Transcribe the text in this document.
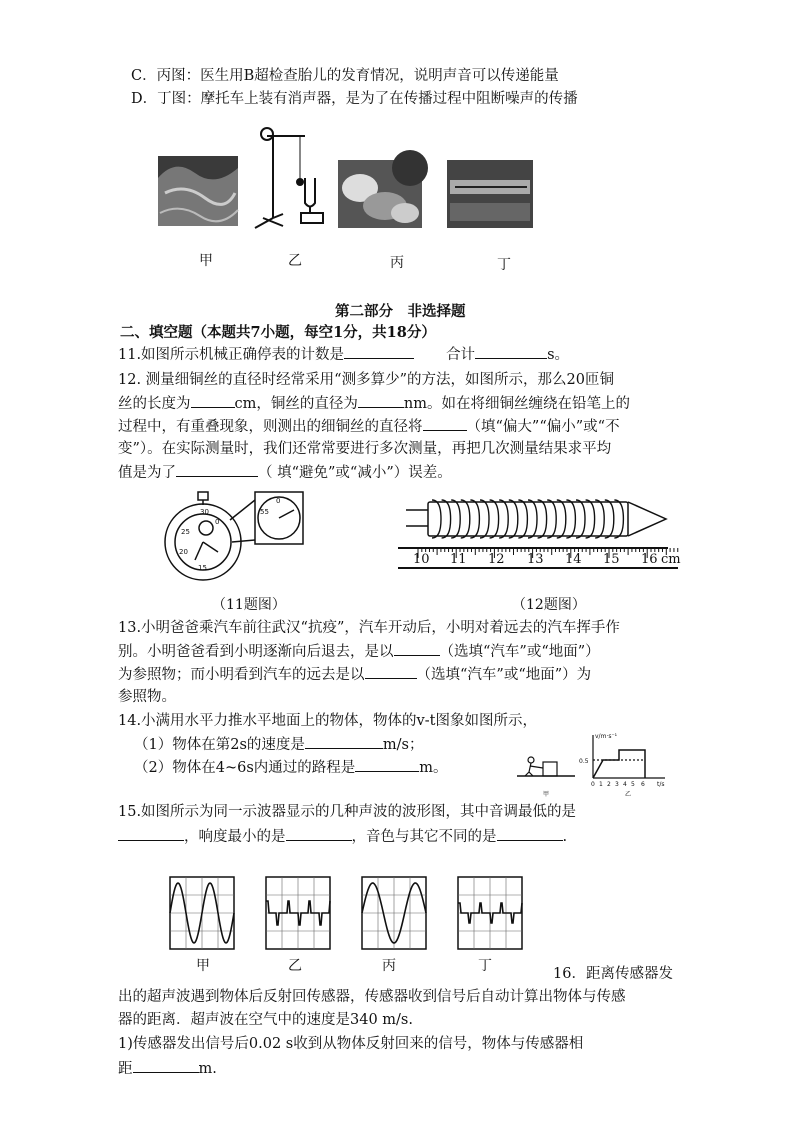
C．丙图：医生用B超检查胎儿的发育情况，说明声音可以传递能量
D．丁图：摩托车上装有消声器，是为了在传播过程中阻断噪声的传播
甲	乙	丙	丁
第二部分　非选择题
二、填空题（本题共7小题，每空1分，共18分）
11.如图所示机械正确停表的计数是	合计	s。
12. 测量细铜丝的直径时经常采用“测多算少”的方法，如图所示，那么20匝铜
丝的长度为	cm，铜丝的直径为	nm。如在将细铜丝缠绕在铅笔上的
过程中，有重叠现象，则测出的细铜丝的直径将	（填“偏大”“偏小”或“不
变”）。在实际测量时，我们还常常要进行多次测量，再把几次测量结果求平均
值是为了	（ 填“避免”或“减小”）误差。
30
0
25
20
15
0
55
10 11 12 13 14 15 16 cm
（11题图）	（12题图）
13.小明爸爸乘汽车前往武汉“抗疫”，汽车开动后，小明对着远去的汽车挥手作
别。小明爸爸看到小明逐渐向后退去，是以	（选填“汽车”或“地面”）
为参照物；而小明看到汽车的远去是以	（选填“汽车”或“地面”）为
参照物。
14.小满用水平力推水平地面上的物体，物体的v-t图象如图所示，
（1）物体在第2s的速度是	m/s；
（2）物体在4~6s内通过的路程是	m。
v/m·s⁻¹
0.5
0 1 2 3 4 5 6 t/s
甲	乙
15.如图所示为同一示波器显示的几种声波的波形图，其中音调最低的是
，响度最小的是	，音色与其它不同的是	.
甲	乙	丙	丁	16．距离传感器发
出的超声波遇到物体后反射回传感器，传感器收到信号后自动计算出物体与传感
器的距离．超声波在空气中的速度是340 m/s.
1)传感器发出信号后0.02 s收到从物体反射回来的信号，物体与传感器相
距	m.
